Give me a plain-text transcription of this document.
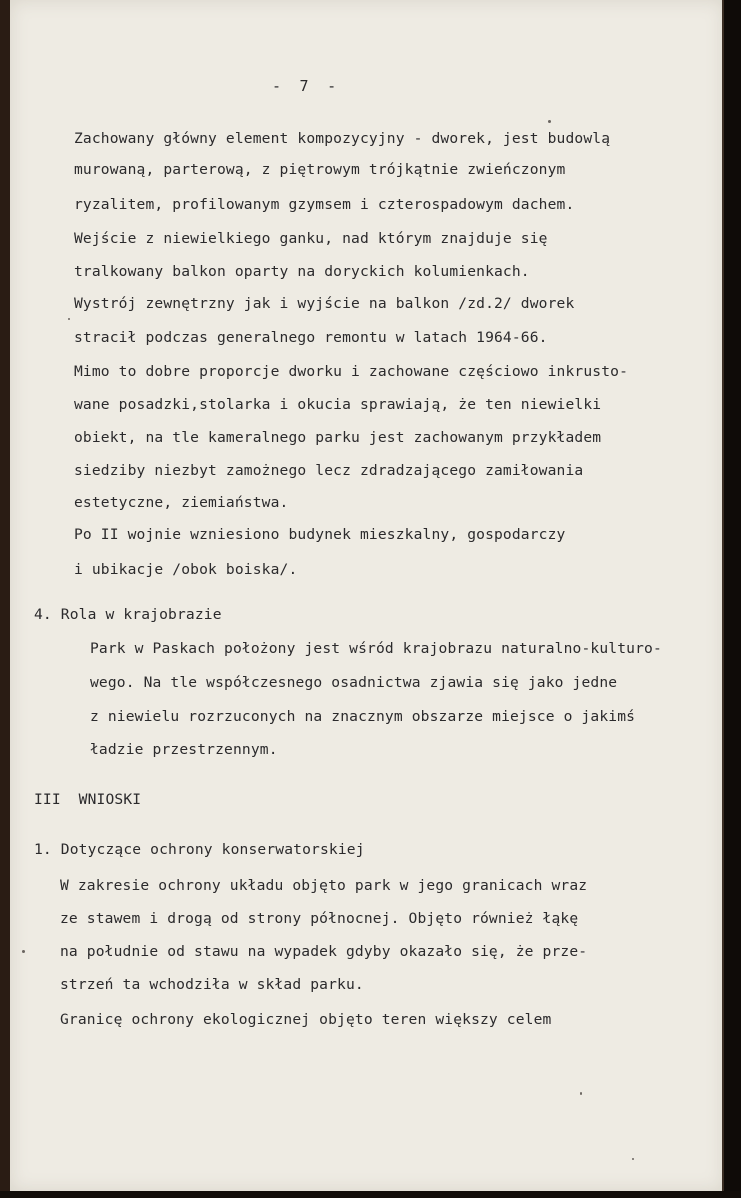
-  7  -
Zachowany główny element kompozycyjny - dworek, jest budowlą
murowaną, parterową, z piętrowym trójkątnie zwieńczonym
ryzalitem, profilowanym gzymsem i czterospadowym dachem.
Wejście z niewielkiego ganku, nad którym znajduje się
tralkowany balkon oparty na doryckich kolumienkach.
Wystrój zewnętrzny jak i wyjście na balkon /zd.2/ dworek
stracił podczas generalnego remontu w latach 1964-66.
Mimo to dobre proporcje dworku i zachowane częściowo inkrusto-
wane posadzki,stolarka i okucia sprawiają, że ten niewielki
obiekt, na tle kameralnego parku jest zachowanym przykładem
siedziby niezbyt zamożnego lecz zdradzającego zamiłowania
estetyczne, ziemiaństwa.
Po II wojnie wzniesiono budynek mieszkalny, gospodarczy
i ubikacje /obok boiska/.
4. Rola w krajobrazie
Park w Paskach położony jest wśród krajobrazu naturalno-kulturo-
wego. Na tle współczesnego osadnictwa zjawia się jako jedne
z niewielu rozrzuconych na znacznym obszarze miejsce o jakimś
ładzie przestrzennym.
III  WNIOSKI
1. Dotyczące ochrony konserwatorskiej
W zakresie ochrony układu objęto park w jego granicach wraz
ze stawem i drogą od strony północnej. Objęto również łąkę
na południe od stawu na wypadek gdyby okazało się, że prze-
strzeń ta wchodziła w skład parku.
Granicę ochrony ekologicznej objęto teren większy celem
